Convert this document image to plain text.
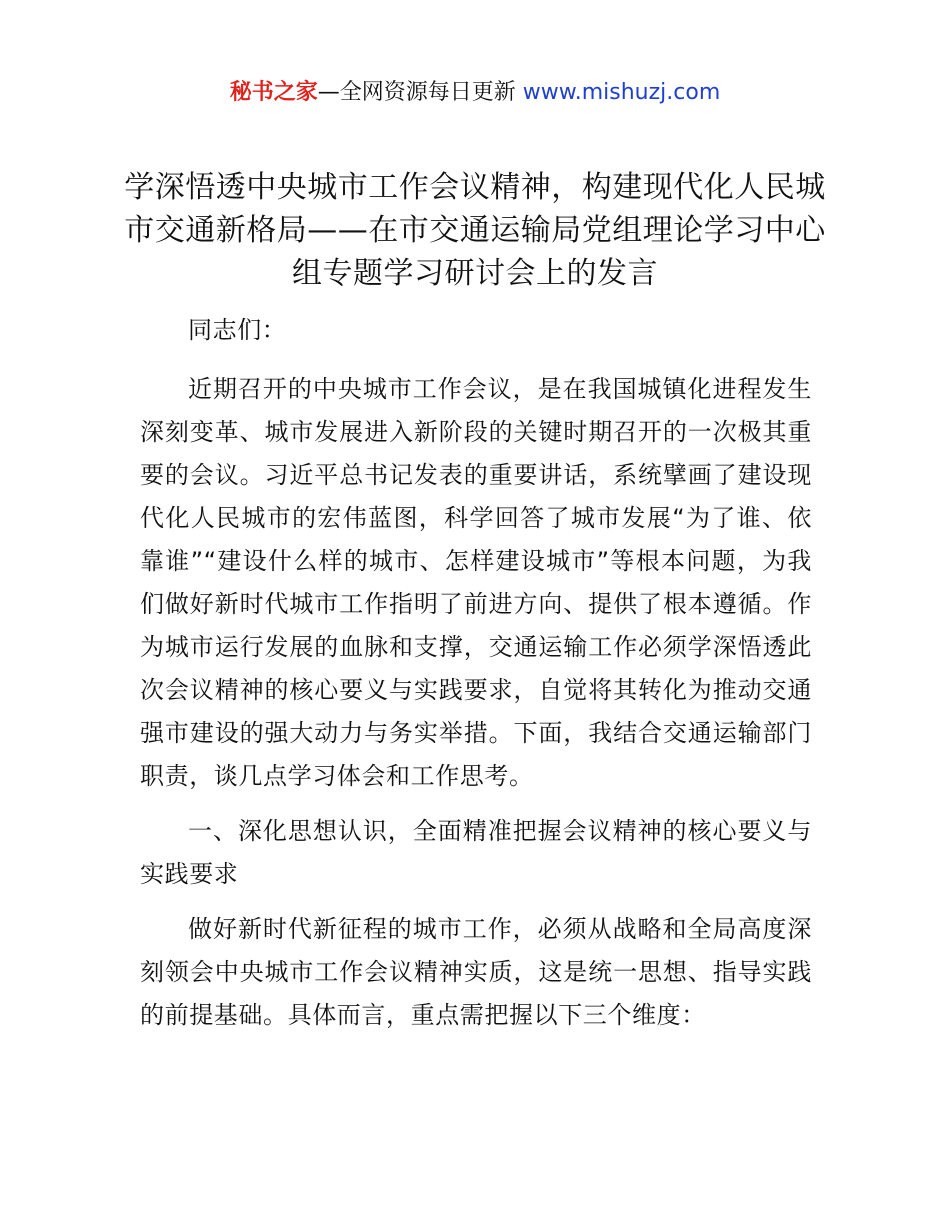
秘书之家—全网资源每日更新 www.mishuzj.com
学深悟透中央城市工作会议精神，构建现代化人民城市交通新格局——在市交通运输局党组理论学习中心组专题学习研讨会上的发言

同志们：

近期召开的中央城市工作会议，是在我国城镇化进程发生深刻变革、城市发展进入新阶段的关键时期召开的一次极其重要的会议。习近平总书记发表的重要讲话，系统擘画了建设现代化人民城市的宏伟蓝图，科学回答了城市发展“为了谁、依靠谁”“建设什么样的城市、怎样建设城市”等根本问题，为我们做好新时代城市工作指明了前进方向、提供了根本遵循。作为城市运行发展的血脉和支撑，交通运输工作必须学深悟透此次会议精神的核心要义与实践要求，自觉将其转化为推动交通强市建设的强大动力与务实举措。下面，我结合交通运输部门职责，谈几点学习体会和工作思考。

一、深化思想认识，全面精准把握会议精神的核心要义与实践要求

做好新时代新征程的城市工作，必须从战略和全局高度深刻领会中央城市工作会议精神实质，这是统一思想、指导实践的前提基础。具体而言，重点需把握以下三个维度：
